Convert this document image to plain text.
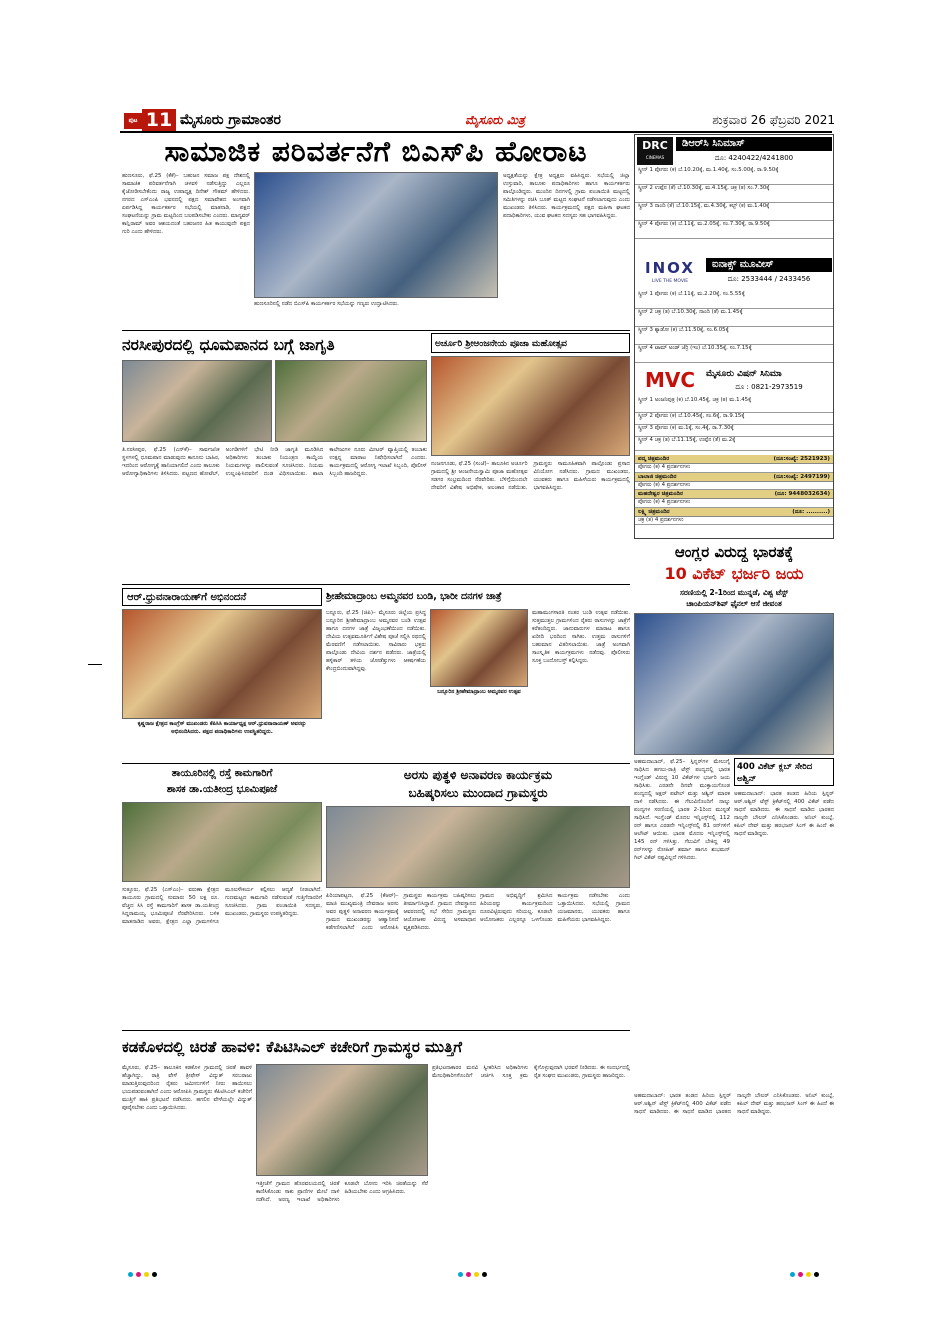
ಪುಟ 11 ಮೈಸೂರು ಗ್ರಾಮಾಂತರ	ಮೈಸೂರು ಮಿತ್ರ	ಶುಕ್ರವಾರ 26 ಫೆಬ್ರವರಿ 2021
ಸಾಮಾಜಿಕ ಪರಿವರ್ತನೆಗೆ ಬಿಎಸ್‌ಪಿ ಹೋರಾಟ
ಹುಣಸೂರು, ಫೆ.25 (ಕೆಕೆ)– ಬಹುಜನ ಸಮಾಜ ಪಕ್ಷ ದೇಶದಲ್ಲಿ ಸಾಮಾಜಿಕ ಪರಿವರ್ತನೆಗಾಗಿ ಚಳವಳಿ ನಡೆಸುತ್ತಿದ್ದು ಎಲ್ಲರೂ ಕೈಜೋಡಿಸಬೇಕೆಂದು ರಾಜ್ಯ ಉಪಾಧ್ಯಕ್ಷ ದಿನೇಶ್ ಗೌತಮ್ ಹೇಳಿದರು. ನಗರದ ಎಸ್‌ಎಂಪಿ ಭವನದಲ್ಲಿ ಪಕ್ಷದ ಸಮಾವೇಶದ ಅಂಗವಾಗಿ ಏರ್ಪಡಿಸಿದ್ದ ಕಾರ್ಯಕರ್ತರ ಸಭೆಯಲ್ಲಿ ಮಾತನಾಡಿ, ಪಕ್ಷದ ಸಂಘಟನೆಯನ್ನು ಗ್ರಾಮ ಮಟ್ಟದಿಂದ ಬಲಪಡಿಸಬೇಕು ಎಂದರು. ಮಾನ್ಯವರ್ ಕಾನ್ಷಿರಾಮ್ ಅವರ ಆಶಯದಂತೆ ಬಹುಜನರ ಹಿತ ಕಾಯುವುದೇ ಪಕ್ಷದ ಗುರಿ ಎಂದು ಹೇಳಿದರು.
ಅಧ್ಯಕ್ಷತೆಯನ್ನು ಕ್ಷೇತ್ರ ಅಧ್ಯಕ್ಷರು ವಹಿಸಿದ್ದರು. ಸಭೆಯಲ್ಲಿ ಜಿಲ್ಲಾ ಉಸ್ತುವಾರಿ, ತಾಲೂಕು ಪದಾಧಿಕಾರಿಗಳು ಹಾಗೂ ಕಾರ್ಯಕರ್ತರು ಪಾಲ್ಗೊಂಡಿದ್ದರು. ಮುಂದಿನ ದಿನಗಳಲ್ಲಿ ಗ್ರಾಮ ಪಂಚಾಯಿತಿ ಮಟ್ಟದಲ್ಲಿ ಸಮಿತಿಗಳನ್ನು ರಚಿಸಿ ಬೂತ್ ಮಟ್ಟದ ಸಂಘಟನೆ ನಡೆಸಲಾಗುವುದು ಎಂದು ಮುಖಂಡರು ತಿಳಿಸಿದರು. ಕಾರ್ಯಕ್ರಮದಲ್ಲಿ ಪಕ್ಷದ ಮಹಿಳಾ ಘಟಕದ ಪದಾಧಿಕಾರಿಗಳು, ಯುವ ಘಟಕದ ಸದಸ್ಯರು ಸಹ ಭಾಗವಹಿಸಿದ್ದರು.
ಹುಣಸೂರಿನಲ್ಲಿ ನಡೆದ ಬಿಎಸ್‌ಪಿ ಕಾರ್ಯಕರ್ತರ ಸಭೆಯನ್ನು ಗಣ್ಯರು ಉದ್ಘಾಟಿಸಿದರು.
DRC
CINEMAS
ಡಿಆರ್‌ಸಿ ಸಿನಿಮಾಸ್
ದೂ: 4240422/4241800
ಸ್ಕ್ರೀನ್ 1 ಪೊಗರು (ಕ) ಬೆ.10.20ಕ್ಕೆ, ಮ.1.40ಕ್ಕೆ, ಸಂ.5.00ಕ್ಕೆ, ರಾ.9.50ಕ್ಕೆ
ಸ್ಕ್ರೀನ್ 2 ಉಪ್ಪೆನ (ತೆ) ಬೆ.10.30ಕ್ಕೆ, ಮ.4.15ಕ್ಕೆ, ಚಕ್ರ (ತ) ಸಂ.7.30ಕ್ಕೆ
ಸ್ಕ್ರೀನ್ 3 ನಾಂದಿ (ತೆ) ಬೆ.10.15ಕ್ಕೆ, ಮ.4.30ಕ್ಕೆ, ಕಲ್ಟ್ (ಕ) ಮ.1.40ಕ್ಕೆ
ಸ್ಕ್ರೀನ್ 4 ಪೊಗರು (ಕ) ಬೆ.11ಕ್ಕೆ, ಮ.2.05ಕ್ಕೆ, ಸಂ.7.30ಕ್ಕೆ, ರಾ.9.50ಕ್ಕೆ
INOX
LIVE THE MOVIE
ಐನಾಕ್ಸ್ ಮೂವೀಸ್
ದೂ: 2533444 / 2433456
ಸ್ಕ್ರೀನ್ 1 ಪೊಗರು (ಕ) ಬೆ.11ಕ್ಕೆ, ಮ.2.20ಕ್ಕೆ, ಸಂ.5.55ಕ್ಕೆ
ಸ್ಕ್ರೀನ್ 2 ಚಕ್ರ (ತ) ಬೆ.10.30ಕ್ಕೆ, ನಾಂದಿ (ತೆ) ಮ.1.45ಕ್ಕೆ
ಸ್ಕ್ರೀನ್ 3 ಶ್ಯಾಡೋ (ಕ) ಬೆ.11.50ಕ್ಕೆ, ಸಂ.6.05ಕ್ಕೆ
ಸ್ಕ್ರೀನ್ 4 ಟಾಮ್ ಅಂಡ್ ಜೆರ್ರಿ (ಇಂ) ಬೆ.10.35ಕ್ಕೆ, ಸಂ.7.15ಕ್ಕೆ
MVC	ಮೈಸೂರು ವಿಷನ್ ಸಿನಿಮಾ
ದೂ : 0821-2973519
ಸ್ಕ್ರೀನ್ 1 ಅಂಜನಿಪುತ್ರ (ಕ) ಬೆ.10.45ಕ್ಕೆ, ಚಕ್ರ (ತ) ಮ.1.45ಕ್ಕೆ
ಸ್ಕ್ರೀನ್ 2 ಪೊಗರು (ಕ) ಬೆ.10.45ಕ್ಕೆ, ಸಂ.6ಕ್ಕೆ, ರಾ.9.15ಕ್ಕೆ
ಸ್ಕ್ರೀನ್ 3 ಪೊಗರು (ಕ) ಮ.1ಕ್ಕೆ, ಸಂ.4ಕ್ಕೆ, ರಾ.7.30ಕ್ಕೆ
ಸ್ಕ್ರೀನ್ 4 ಚಕ್ರ (ತ) ಬೆ.11.15ಕ್ಕೆ, ಉಪ್ಪೆನ (ತೆ) ಮ.2ಕ್ಕೆ
ಪದ್ಮ ಚಿತ್ರಮಂದಿರ	(ದೂ:ಸಂಖ್ಯೆ: 2521923)
ಪೊಗರು (ಕ) 4 ಪ್ರದರ್ಶನಗಳು
ಬಾಲಾಜಿ ಚಿತ್ರಮಂದಿರ	(ದೂ:ಸಂಖ್ಯೆ: 2497199)
ಪೊಗರು (ಕ) 4 ಪ್ರದರ್ಶನಗಳು
ಮಹದೇಶ್ವರ ಚಿತ್ರಮಂದಿರ	(ದೂ: 9448032634)
ಪೊಗರು (ಕ) 4 ಪ್ರದರ್ಶನಗಳು
ಲಕ್ಷ್ಮಿ ಚಿತ್ರಮಂದಿರ	(ದೂ: ..........)
ಚಕ್ರ (ತ) 4 ಪ್ರದರ್ಶನಗಳು
ನರಸೀಪುರದಲ್ಲಿ ಧೂಮಪಾನದ ಬಗ್ಗೆ ಜಾಗೃತಿ
ತಿ.ನರಸೀಪುರ, ಫೆ.25 (ಎನ್‌ಕೆ)– ಸಾರ್ವಜನಿಕ ಸ್ಥಳಗಳಲ್ಲಿ ಧೂಮಪಾನ ಮಾಡುವುದು ಕಾನೂನು ಬಾಹಿರ, ಇದರಿಂದ ಆರೋಗ್ಯಕ್ಕೆ ಹಾನಿಯಾಗಲಿದೆ ಎಂದು ತಾಲೂಕು ಆರೋಗ್ಯಾಧಿಕಾರಿಗಳು ತಿಳಿಸಿದರು. ಪಟ್ಟಣದ ಹೋಟೆಲ್, ಅಂಗಡಿಗಳಿಗೆ ಭೇಟಿ ನೀಡಿ ಜಾಗೃತಿ ಮೂಡಿಸಿದ ಅಧಿಕಾರಿಗಳು ತಂಬಾಕು ನಿಯಂತ್ರಣ ಕಾಯ್ದೆಯ ನಿಯಮಗಳನ್ನು ಪಾಲಿಸುವಂತೆ ಸೂಚಿಸಿದರು. ನಿಯಮ ಉಲ್ಲಂಘಿಸಿದವರಿಗೆ ದಂಡ ವಿಧಿಸಲಾಯಿತು. ಶಾಲಾ ಕಾಲೇಜುಗಳ ನೂರು ಮೀಟರ್ ವ್ಯಾಪ್ತಿಯಲ್ಲಿ ತಂಬಾಕು ಉತ್ಪನ್ನ ಮಾರಾಟ ನಿಷೇಧಿಸಲಾಗಿದೆ ಎಂದರು. ಕಾರ್ಯಕ್ರಮದಲ್ಲಿ ಆರೋಗ್ಯ ಇಲಾಖೆ ಸಿಬ್ಬಂದಿ, ಪೊಲೀಸ್ ಸಿಬ್ಬಂದಿ ಹಾಜರಿದ್ದರು.
ಅರ್ಚೂರಿ ಶ್ರೀಆಂಜನೇಯ ಪೂಜಾ ಮಹೋತ್ಸವ
ನಂಜನಗೂಡು, ಫೆ.25 (ಸಂಜೆ)– ತಾಲೂಕಿನ ಅರ್ಚೂರಿ ಗ್ರಾಮದಲ್ಲಿ ಶ್ರೀ ಆಂಜನೇಯಸ್ವಾಮಿ ಪೂಜಾ ಮಹೋತ್ಸವ ಸಡಗರ ಸಂಭ್ರಮದಿಂದ ನೆರವೇರಿತು. ಬೆಳಿಗ್ಗೆಯಿಂದಲೇ ದೇವರಿಗೆ ವಿಶೇಷ ಅಭಿಷೇಕ, ಅಲಂಕಾರ ನಡೆಯಿತು. ಗ್ರಾಮಸ್ಥರು ಸಾಮೂಹಿಕವಾಗಿ ಪಾಲ್ಗೊಂಡು ಪ್ರಸಾದ ವಿನಿಯೋಗ ನಡೆಸಿದರು. ಗ್ರಾಮದ ಮುಖಂಡರು, ಯುವಕರು ಹಾಗೂ ಮಹಿಳೆಯರು ಕಾರ್ಯಕ್ರಮದಲ್ಲಿ ಭಾಗವಹಿಸಿದ್ದರು.
ಆಂಗ್ಲರ ವಿರುದ್ಧ ಭಾರತಕ್ಕೆ
10 ವಿಕೆಟ್ ಭರ್ಜರಿ ಜಯ
ಸರಣಿಯಲ್ಲಿ 2-1ರಿಂದ ಮುನ್ನಡೆ, ವಿಶ್ವ ಟೆಸ್ಟ್
ಚಾಂಪಿಯನ್‌ಶಿಪ್ ಫೈನಲ್ ಆಸೆ ಜೀವಂತ
ಅಹಮದಾಬಾದ್, ಫೆ.25– ಸ್ಪಿನ್ನರ್‌ಗಳ ಮೇಲುಗೈ ಸಾಧಿಸಿದ ಹಗಲು-ರಾತ್ರಿ ಟೆಸ್ಟ್ ಪಂದ್ಯದಲ್ಲಿ ಭಾರತ ಇಂಗ್ಲೆಂಡ್ ವಿರುದ್ಧ 10 ವಿಕೆಟ್‌ಗಳ ಭರ್ಜರಿ ಜಯ ಸಾಧಿಸಿತು. ಎರಡನೇ ದಿನವೇ ಮುಕ್ತಾಯಗೊಂಡ ಪಂದ್ಯದಲ್ಲಿ ಅಕ್ಷರ್ ಪಟೇಲ್ ಮತ್ತು ಅಶ್ವಿನ್ ಮಾರಕ ದಾಳಿ ನಡೆಸಿದರು. ಈ ಗೆಲುವಿನೊಂದಿಗೆ ನಾಲ್ಕು ಪಂದ್ಯಗಳ ಸರಣಿಯಲ್ಲಿ ಭಾರತ 2-1ರಿಂದ ಮುನ್ನಡೆ ಸಾಧಿಸಿದೆ. ಇಂಗ್ಲೆಂಡ್ ಮೊದಲ ಇನ್ನಿಂಗ್ಸ್‌ನಲ್ಲಿ 112 ರನ್ ಹಾಗೂ ಎರಡನೇ ಇನ್ನಿಂಗ್ಸ್‌ನಲ್ಲಿ 81 ರನ್‌ಗಳಿಗೆ ಆಲೌಟ್ ಆಯಿತು. ಭಾರತ ಮೊದಲ ಇನ್ನಿಂಗ್ಸ್‌ನಲ್ಲಿ 145 ರನ್ ಗಳಿಸಿತ್ತು. ಗೆಲುವಿಗೆ ಬೇಕಿದ್ದ 49 ರನ್‌ಗಳನ್ನು ರೋಹಿತ್ ಶರ್ಮಾ ಹಾಗೂ ಶುಭಮನ್ ಗಿಲ್ ವಿಕೆಟ್ ನಷ್ಟವಿಲ್ಲದೆ ಗಳಿಸಿದರು.
400 ವಿಕೆಟ್ ಕ್ಲಬ್ ಸೇರಿದ ಅಶ್ವಿನ್
ಅಹಮದಾಬಾದ್: ಭಾರತ ತಂಡದ ಹಿರಿಯ ಸ್ಪಿನ್ನರ್ ಆರ್.ಅಶ್ವಿನ್ ಟೆಸ್ಟ್ ಕ್ರಿಕೆಟ್‌ನಲ್ಲಿ 400 ವಿಕೆಟ್ ಪಡೆದ ಸಾಧನೆ ಮಾಡಿದರು. ಈ ಸಾಧನೆ ಮಾಡಿದ ಭಾರತದ ನಾಲ್ಕನೇ ಬೌಲರ್ ಎನಿಸಿಕೊಂಡರು. ಅನಿಲ್ ಕುಂಬ್ಳೆ, ಕಪಿಲ್ ದೇವ್ ಮತ್ತು ಹರಭಜನ್ ಸಿಂಗ್ ಈ ಹಿಂದೆ ಈ ಸಾಧನೆ ಮಾಡಿದ್ದರು.
ಆರ್.ಧ್ರುವನಾರಾಯಣ್‌ಗೆ ಅಭಿನಂದನೆ
ಕೃಷ್ಣರಾಜ ಕ್ಷೇತ್ರದ ಕಾಂಗ್ರೆಸ್ ಮುಖಂಡರು ಕೆಪಿಸಿಸಿ ಕಾರ್ಯಾಧ್ಯಕ್ಷ ಆರ್.ಧ್ರುವನಾರಾಯಣ್ ಅವರನ್ನು ಅಭಿನಂದಿಸಿದರು. ಪಕ್ಷದ ಪದಾಧಿಕಾರಿಗಳು ಉಪಸ್ಥಿತರಿದ್ದರು.
ಶ್ರೀಹೇಮಾದ್ರಾಂಬ ಅಮ್ಮನವರ ಬಂಡಿ, ಭಾರೀ ದನಗಳ ಜಾತ್ರೆ
ಬನ್ನೂರು, ಫೆ.25 (ಜಿಪಿ)– ಮೈಸೂರು ಜಿಲ್ಲೆಯ ಪ್ರಸಿದ್ಧ ಬನ್ನೂರಿನ ಶ್ರೀಹೇಮಾದ್ರಾಂಬ ಅಮ್ಮನವರ ಬಂಡಿ ಉತ್ಸವ ಹಾಗೂ ದನಗಳ ಜಾತ್ರೆ ವಿಜೃಂಭಣೆಯಿಂದ ನಡೆಯಿತು. ದೇವಿಯ ಉತ್ಸವಮೂರ್ತಿಗೆ ವಿಶೇಷ ಪೂಜೆ ಸಲ್ಲಿಸಿ ರಥದಲ್ಲಿ ಮೆರವಣಿಗೆ ನಡೆಸಲಾಯಿತು. ಸಾವಿರಾರು ಭಕ್ತರು ಪಾಲ್ಗೊಂಡು ದೇವಿಯ ದರ್ಶನ ಪಡೆದರು. ಜಾತ್ರೆಯಲ್ಲಿ ಹಳ್ಳಿಕಾರ್ ತಳಿಯ ಜೋಡೆತ್ತುಗಳು ಆಕರ್ಷಣೆಯ ಕೇಂದ್ರಬಿಂದುವಾಗಿದ್ದವು.
ಬನ್ನೂರಿನ ಶ್ರೀಹೇಮಾದ್ರಾಂಬ ಅಮ್ಮನವರ ಉತ್ಸವ
ಮಹಾಮಂಗಳಾರತಿ ನಂತರ ಬಂಡಿ ಉತ್ಸವ ನಡೆಯಿತು. ಸುತ್ತಮುತ್ತಲ ಗ್ರಾಮಗಳಿಂದ ರೈತರು ರಾಸುಗಳನ್ನು ಜಾತ್ರೆಗೆ ಕರೆತಂದಿದ್ದರು. ಜಾನುವಾರುಗಳ ಮಾರಾಟ ಹಾಗೂ ಖರೀದಿ ಭರದಿಂದ ಸಾಗಿತು. ಉತ್ತಮ ರಾಸುಗಳಿಗೆ ಬಹುಮಾನ ವಿತರಿಸಲಾಯಿತು. ಜಾತ್ರೆ ಅಂಗವಾಗಿ ಸಾಂಸ್ಕೃತಿಕ ಕಾರ್ಯಕ್ರಮಗಳು ನಡೆದವು. ಪೊಲೀಸರು ಸೂಕ್ತ ಬಂದೋಬಸ್ತ್ ಕಲ್ಪಿಸಿದ್ದರು.
ತಾಯೂರಿನಲ್ಲಿ ರಸ್ತೆ ಕಾಮಗಾರಿಗೆ
ಶಾಸಕ ಡಾ.ಯತೀಂದ್ರ ಭೂಮಿಪೂಜೆ
ಸುತ್ತೂರು, ಫೆ.25 (ಎಸ್‌ಎಂ)– ವರುಣಾ ಕ್ಷೇತ್ರದ ತಾಯೂರು ಗ್ರಾಮದಲ್ಲಿ ಸುಮಾರು 50 ಲಕ್ಷ ರೂ. ವೆಚ್ಚದ ಸಿಸಿ ರಸ್ತೆ ಕಾಮಗಾರಿಗೆ ಶಾಸಕ ಡಾ.ಯತೀಂದ್ರ ಸಿದ್ದರಾಮಯ್ಯ ಭೂಮಿಪೂಜೆ ನೆರವೇರಿಸಿದರು. ಬಳಿಕ ಮಾತನಾಡಿದ ಅವರು, ಕ್ಷೇತ್ರದ ಎಲ್ಲಾ ಗ್ರಾಮಗಳಿಗೂ ಮೂಲಸೌಕರ್ಯ ಕಲ್ಪಿಸಲು ಆದ್ಯತೆ ನೀಡಲಾಗಿದೆ. ಗುಣಮಟ್ಟದ ಕಾಮಗಾರಿ ನಡೆಸುವಂತೆ ಗುತ್ತಿಗೆದಾರರಿಗೆ ಸೂಚಿಸಿದರು. ಗ್ರಾಮ ಪಂಚಾಯಿತಿ ಸದಸ್ಯರು, ಮುಖಂಡರು, ಗ್ರಾಮಸ್ಥರು ಉಪಸ್ಥಿತರಿದ್ದರು.
ಅರಸು ಪುತ್ಥಳಿ ಅನಾವರಣ ಕಾರ್ಯಕ್ರಮ
ಬಹಿಷ್ಕರಿಸಲು ಮುಂದಾದ ಗ್ರಾಮಸ್ಥರು
ಪಿರಿಯಾಪಟ್ಟಣ, ಫೆ.25 (ಕೆಆರ್)– ಮಾಜಿ ಮುಖ್ಯಮಂತ್ರಿ ದೇವರಾಜ ಅರಸು ಅವರ ಪುತ್ಥಳಿ ಅನಾವರಣ ಕಾರ್ಯಕ್ರಮಕ್ಕೆ ಗ್ರಾಮದ ಮುಖಂಡರನ್ನು ಆಹ್ವಾನಿಸದೆ ಕಡೆಗಣಿಸಲಾಗಿದೆ ಎಂದು ಆರೋಪಿಸಿ ಗ್ರಾಮಸ್ಥರು ಕಾರ್ಯಕ್ರಮ ಬಹಿಷ್ಕರಿಸಲು ತೀರ್ಮಾನಿಸಿದ್ದಾರೆ. ಗ್ರಾಮದ ದೇವಸ್ಥಾನದ ಆವರಣದಲ್ಲಿ ಸಭೆ ಸೇರಿದ ಗ್ರಾಮಸ್ಥರು ಆಯೋಜಕರ ವಿರುದ್ಧ ಅಸಮಾಧಾನ ವ್ಯಕ್ತಪಡಿಸಿದರು.
ಗ್ರಾಮದ ಅಭಿವೃದ್ಧಿಗೆ ಶ್ರಮಿಸಿದ ಹಿರಿಯರನ್ನು ಕಾರ್ಯಕ್ರಮದಿಂದ ದೂರವಿಟ್ಟಿರುವುದು ಸರಿಯಲ್ಲ. ಕೂಡಲೇ ಆಯೋಜಕರು ಎಲ್ಲರನ್ನೂ ಒಳಗೊಂಡು ಕಾರ್ಯಕ್ರಮ ನಡೆಸಬೇಕು ಎಂದು ಒತ್ತಾಯಿಸಿದರು. ಸಭೆಯಲ್ಲಿ ಗ್ರಾಮದ ಯಜಮಾನರು, ಯುವಕರು ಹಾಗೂ ಮಹಿಳೆಯರು ಭಾಗವಹಿಸಿದ್ದರು.
ಕಡಕೊಳದಲ್ಲಿ ಚಿರತೆ ಹಾವಳಿ: ಕೆಪಿಟಿಸಿಎಲ್ ಕಚೇರಿಗೆ ಗ್ರಾಮಸ್ಥರ ಮುತ್ತಿಗೆ
ಮೈಸೂರು, ಫೆ.25– ತಾಲೂಕಿನ ಕಡಕೊಳ ಗ್ರಾಮದಲ್ಲಿ ಚಿರತೆ ಹಾವಳಿ ಹೆಚ್ಚಾಗಿದ್ದು, ರಾತ್ರಿ ವೇಳೆ ತ್ರೀಫೇಸ್ ವಿದ್ಯುತ್ ಸರಬರಾಜು ಮಾಡುತ್ತಿರುವುದರಿಂದ ರೈತರು ಜಮೀನುಗಳಿಗೆ ನೀರು ಹಾಯಿಸಲು ಭಯಪಡುವಂತಾಗಿದೆ ಎಂದು ಆರೋಪಿಸಿ ಗ್ರಾಮಸ್ಥರು ಕೆಪಿಟಿಸಿಎಲ್ ಕಚೇರಿಗೆ ಮುತ್ತಿಗೆ ಹಾಕಿ ಪ್ರತಿಭಟನೆ ನಡೆಸಿದರು. ಹಗಲಿನ ವೇಳೆಯಲ್ಲೇ ವಿದ್ಯುತ್ ಪೂರೈಸಬೇಕು ಎಂದು ಒತ್ತಾಯಿಸಿದರು.
ಇತ್ತೀಚೆಗೆ ಗ್ರಾಮದ ಹೊರವಲಯದಲ್ಲಿ ಚಿರತೆ ಕಾಣಿಸಿಕೊಂಡು ಸಾಕು ಪ್ರಾಣಿಗಳ ಮೇಲೆ ದಾಳಿ ನಡೆಸಿದೆ. ಅರಣ್ಯ ಇಲಾಖೆ ಅಧಿಕಾರಿಗಳು ಕೂಡಲೇ ಬೋನು ಇರಿಸಿ ಚಿರತೆಯನ್ನು ಸೆರೆ ಹಿಡಿಯಬೇಕು ಎಂದು ಆಗ್ರಹಿಸಿದರು.
ಪ್ರತಿಭಟನಾಕಾರರ ಮನವಿ ಸ್ವೀಕರಿಸಿದ ಅಧಿಕಾರಿಗಳು ಮೇಲಧಿಕಾರಿಗಳೊಂದಿಗೆ ಚರ್ಚಿಸಿ ಸೂಕ್ತ ಕ್ರಮ ಕೈಗೊಳ್ಳುವುದಾಗಿ ಭರವಸೆ ನೀಡಿದರು. ಈ ಸಂದರ್ಭದಲ್ಲಿ ರೈತ ಸಂಘದ ಮುಖಂಡರು, ಗ್ರಾಮಸ್ಥರು ಹಾಜರಿದ್ದರು.
ಅಹಮದಾಬಾದ್: ಭಾರತ ತಂಡದ ಹಿರಿಯ ಸ್ಪಿನ್ನರ್ ಆರ್.ಅಶ್ವಿನ್ ಟೆಸ್ಟ್ ಕ್ರಿಕೆಟ್‌ನಲ್ಲಿ 400 ವಿಕೆಟ್ ಪಡೆದ ಸಾಧನೆ ಮಾಡಿದರು. ಈ ಸಾಧನೆ ಮಾಡಿದ ಭಾರತದ ನಾಲ್ಕನೇ ಬೌಲರ್ ಎನಿಸಿಕೊಂಡರು. ಅನಿಲ್ ಕುಂಬ್ಳೆ, ಕಪಿಲ್ ದೇವ್ ಮತ್ತು ಹರಭಜನ್ ಸಿಂಗ್ ಈ ಹಿಂದೆ ಈ ಸಾಧನೆ ಮಾಡಿದ್ದರು.
